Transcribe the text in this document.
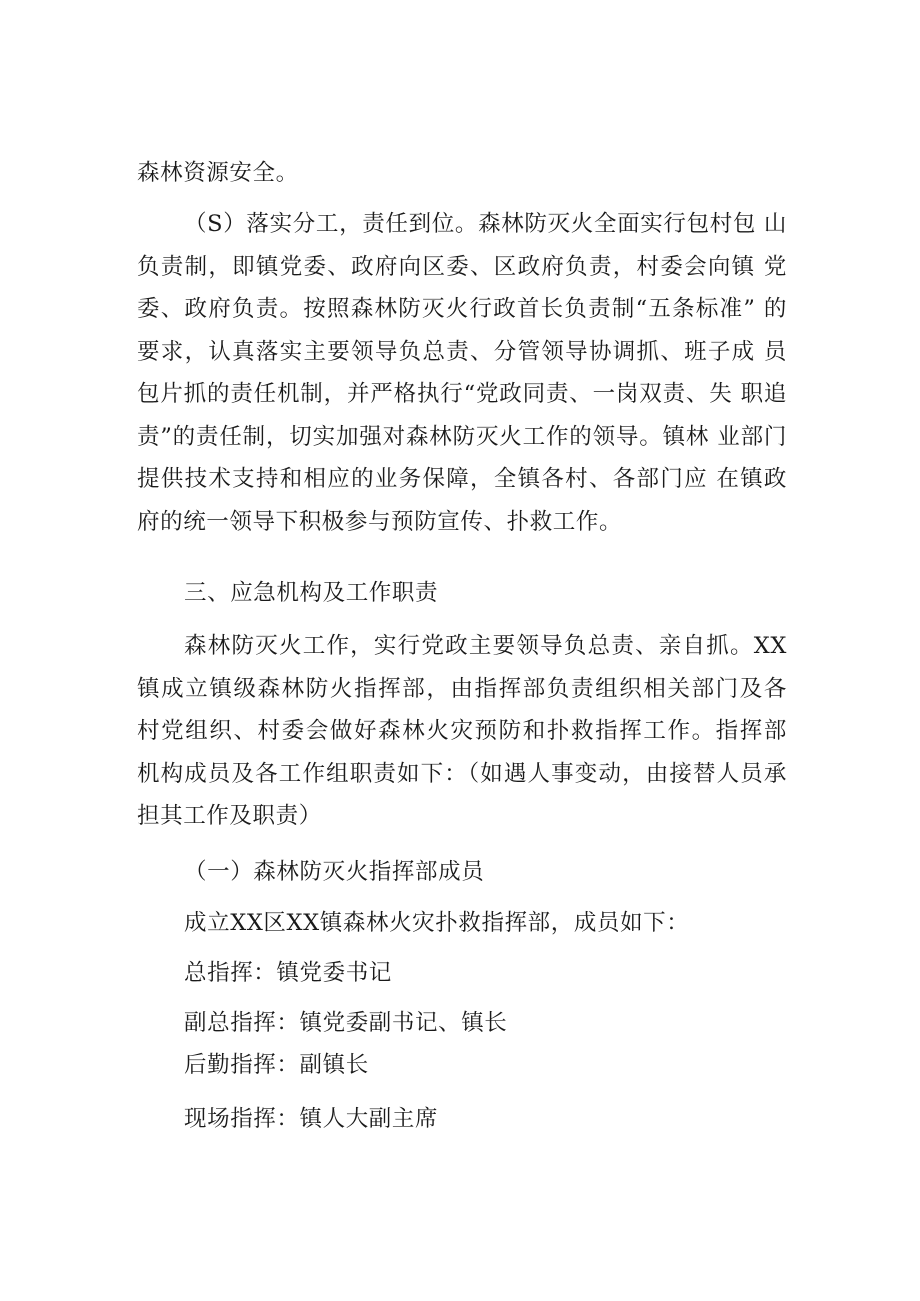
森林资源安全。

（S）落实分工，责任到位。森林防灭火全面实行包村包 山负责制，即镇党委、政府向区委、区政府负责，村委会向镇 党委、政府负责。按照森林防灭火行政首长负责制“五条标准” 的要求，认真落实主要领导负总责、分管领导协调抓、班子成 员包片抓的责任机制，并严格执行“党政同责、一岗双责、失 职追责”的责任制，切实加强对森林防灭火工作的领导。镇林 业部门提供技术支持和相应的业务保障，全镇各村、各部门应 在镇政府的统一领导下积极参与预防宣传、扑救工作。

三、应急机构及工作职责

森林防灭火工作，实行党政主要领导负总责、亲自抓。XX 镇成立镇级森林防火指挥部，由指挥部负责组织相关部门及各 村党组织、村委会做好森林火灾预防和扑救指挥工作。指挥部 机构成员及各工作组职责如下：（如遇人事变动，由接替人员承 担其工作及职责）

（一）森林防灭火指挥部成员

成立XX区XX镇森林火灾扑救指挥部，成员如下：

总指挥：镇党委书记

副总指挥：镇党委副书记、镇长

后勤指挥：副镇长

现场指挥：镇人大副主席
